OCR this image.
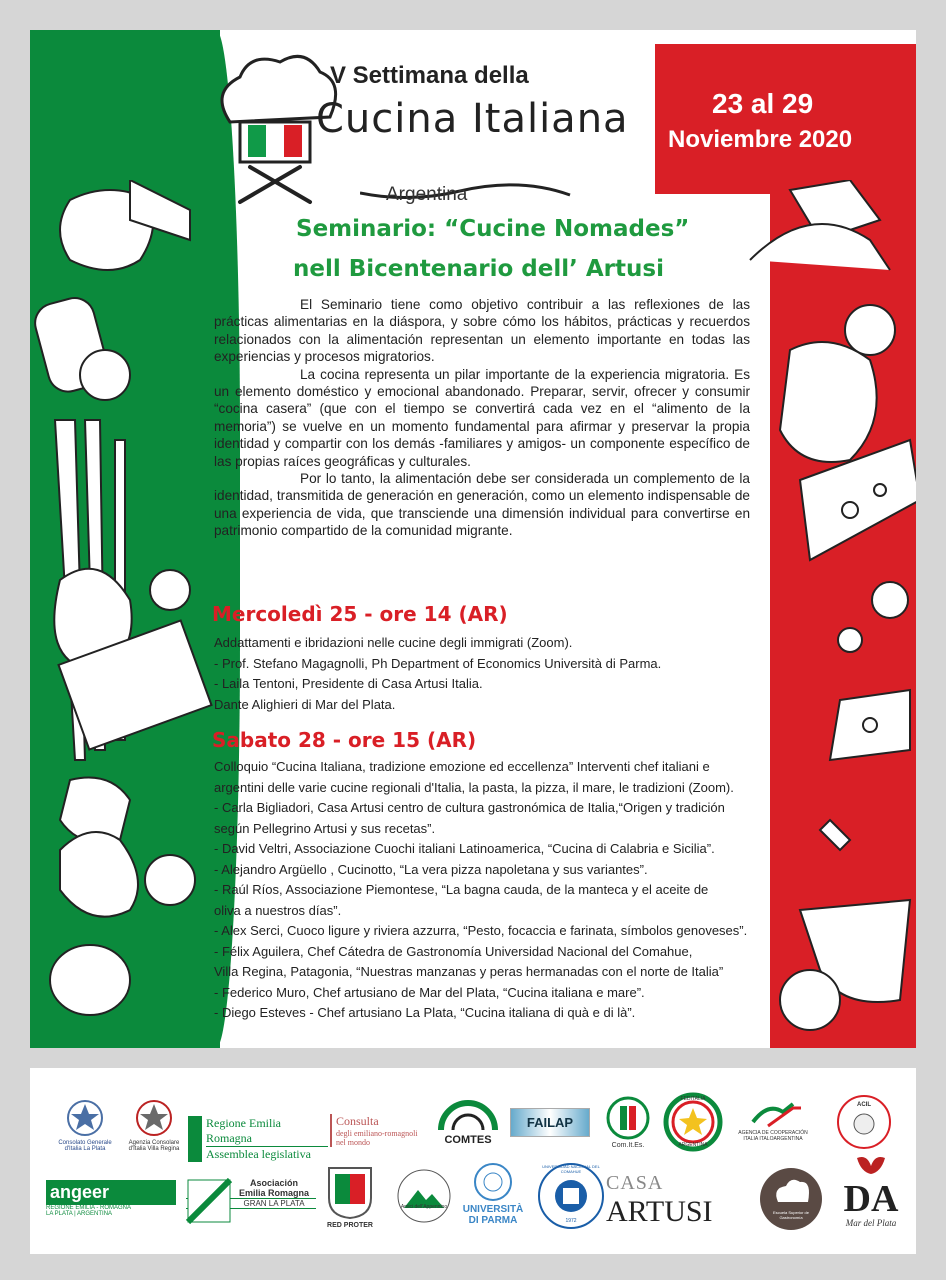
V Settimana della
Cucina Italiana
Argentina
23 al 29
Noviembre 2020
Seminario: “Cucine Nomades”
nell Bicentenario dell’ Artusi

El Seminario tiene como objetivo contribuir a las reflexiones de las prácticas alimentarias en la diáspora, y sobre cómo los hábitos, prácticas y recuerdos relacionados con la alimentación representan un elemento importante en todas las experiencias y procesos migratorios.

La cocina representa un pilar importante de la experiencia migratoria. Es un elemento doméstico y emocional abandonado. Preparar, servir, ofrecer y consumir “cocina casera” (que con el tiempo se convertirá cada vez en el “alimento de la memoria”) se vuelve en un momento fundamental para afirmar y preservar la propia identidad y compartir con los demás -familiares y amigos- un componente específico de las propias raíces geográficas y culturales.

Por lo tanto, la alimentación debe ser considerada un complemento de la identidad, transmitida de generación en generación, como un elemento indispensable de una experiencia de vida, que transciende una dimensión individual para convertirse en patrimonio compartido de la comunidad migrante.

Mercoledì 25 - ore 14 (AR)
Addattamenti e ibridazioni nelle cucine degli immigrati (Zoom).
- Prof. Stefano Magagnolli, Ph Department of Economics Università di Parma.
- Laila Tentoni, Presidente di Casa Artusi Italia.
Dante Alighieri di Mar del Plata.
Sabato 28 - ore 15 (AR)
Colloquio “Cucina Italiana, tradizione emozione ed eccellenza” Interventi chef italiani e
argentini delle varie cucine regionali d'Italia, la pasta, la pizza, il mare, le tradizioni (Zoom).
- Carla Bigliadori, Casa Artusi centro de cultura gastronómica de Italia,“Origen y tradición
según Pellegrino Artusi y sus recetas”.
- David Veltri, Associazione Cuochi italiani Latinoamerica, “Cucina di Calabria e Sicilia”.
- Alejandro Argüello , Cucinotto, “La vera pizza napoletana y sus variantes”.
- Raúl Ríos, Associazione Piemontese, “La bagna cauda, de la manteca y el aceite de
oliva a nuestros días”.
- Alex Serci, Cuoco ligure y riviera azzurra, “Pesto, focaccia e farinata, símbolos genoveses”.
- Félix Aguilera, Chef Cátedra de Gastronomía Universidad Nacional del Comahue,
Villa Regina, Patagonia, “Nuestras manzanas y peras hermanadas con el norte de Italia”
- Federico Muro, Chef artusiano de Mar del Plata, “Cucina italiana e mare”.
- Diego Esteves - Chef artusiano La Plata, “Cucina italiana di quà e di là”.
Consolato Generale d'Italia La Plata
Agenzia Consolare d'Italia Villa Regina
Regione Emilia Romagna
Assemblea legislativa
Consulta
degli emiliano-romagnoli
nel mondo	COMTES
FAILAP
Com.It.Es.
FEDITALIA
ARGENTINA
AGENCIA DE COOPERACIÓN
ITALIA ITALOARGENTINA
ACIL
angeer
REGIONE EMILIA - ROMAGNA
LA PLATA | ARGENTINA
Asociación
Emilia Romagna
GRAN LA PLATA
RED PROTER
Amici dell'Appennino	UNIVERSITÀ
DI PARMA
UNIVERSIDAD NACIONAL DEL COMAHUE
1972
CASA ARTUSI	Escuela Superior de Gastronomía	DA
Mar del Plata
